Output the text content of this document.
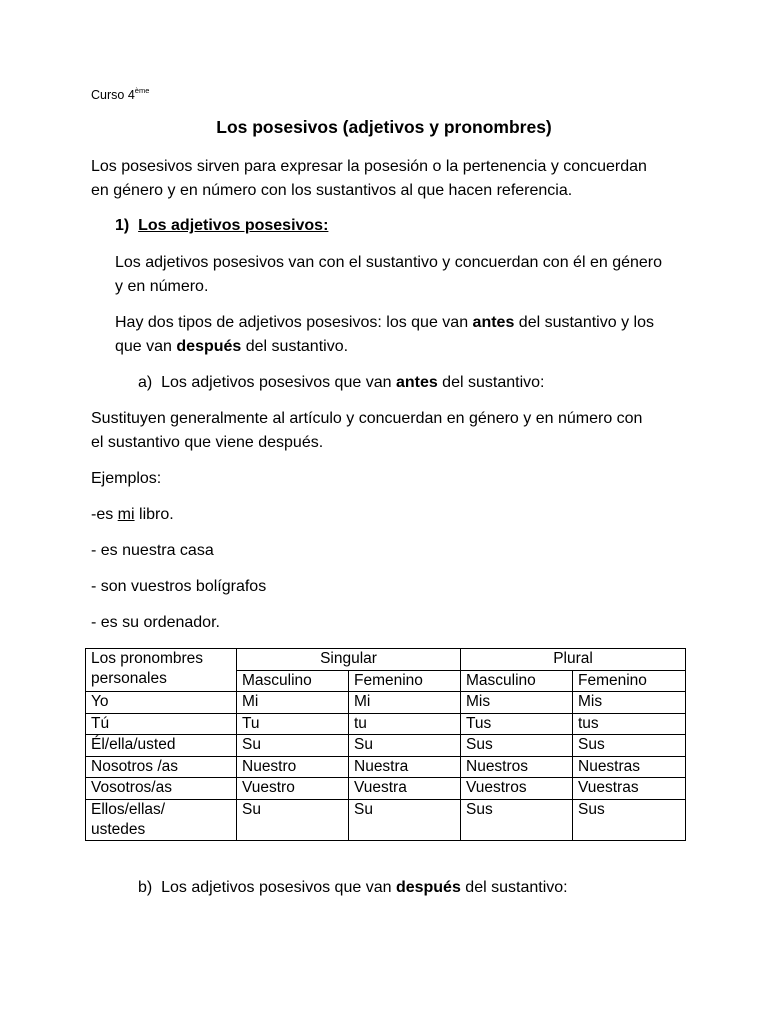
Curso 4ème
Los posesivos (adjetivos y pronombres)
Los posesivos sirven para expresar la posesión o la pertenencia y concuerdan
en género y en número con los sustantivos al que hacen referencia.
1) Los adjetivos posesivos:
Los adjetivos posesivos van con el sustantivo y concuerdan con él en género
y en número.
Hay dos tipos de adjetivos posesivos: los que van antes del sustantivo y los
que van después del sustantivo.
a) Los adjetivos posesivos que van antes del sustantivo:
Sustituyen generalmente al artículo y concuerdan en género y en número con
el sustantivo que viene después.
Ejemplos:
-es mi libro.
- es nuestra casa
- son vuestros bolígrafos
- es su ordenador.
Los pronombres
personales	Singular		Plural	
	Masculino	Femenino	Masculino	Femenino
Yo	Mi	Mi	Mis	Mis
Tú	Tu	tu	Tus	tus
Él/ella/usted	Su	Su	Sus	Sus
Nosotros /as	Nuestro	Nuestra	Nuestros	Nuestras
Vosotros/as	Vuestro	Vuestra	Vuestros	Vuestras

Ellos/ellas/
ustedes	Su	Su	Sus	Sus
b) Los adjetivos posesivos que van después del sustantivo:
